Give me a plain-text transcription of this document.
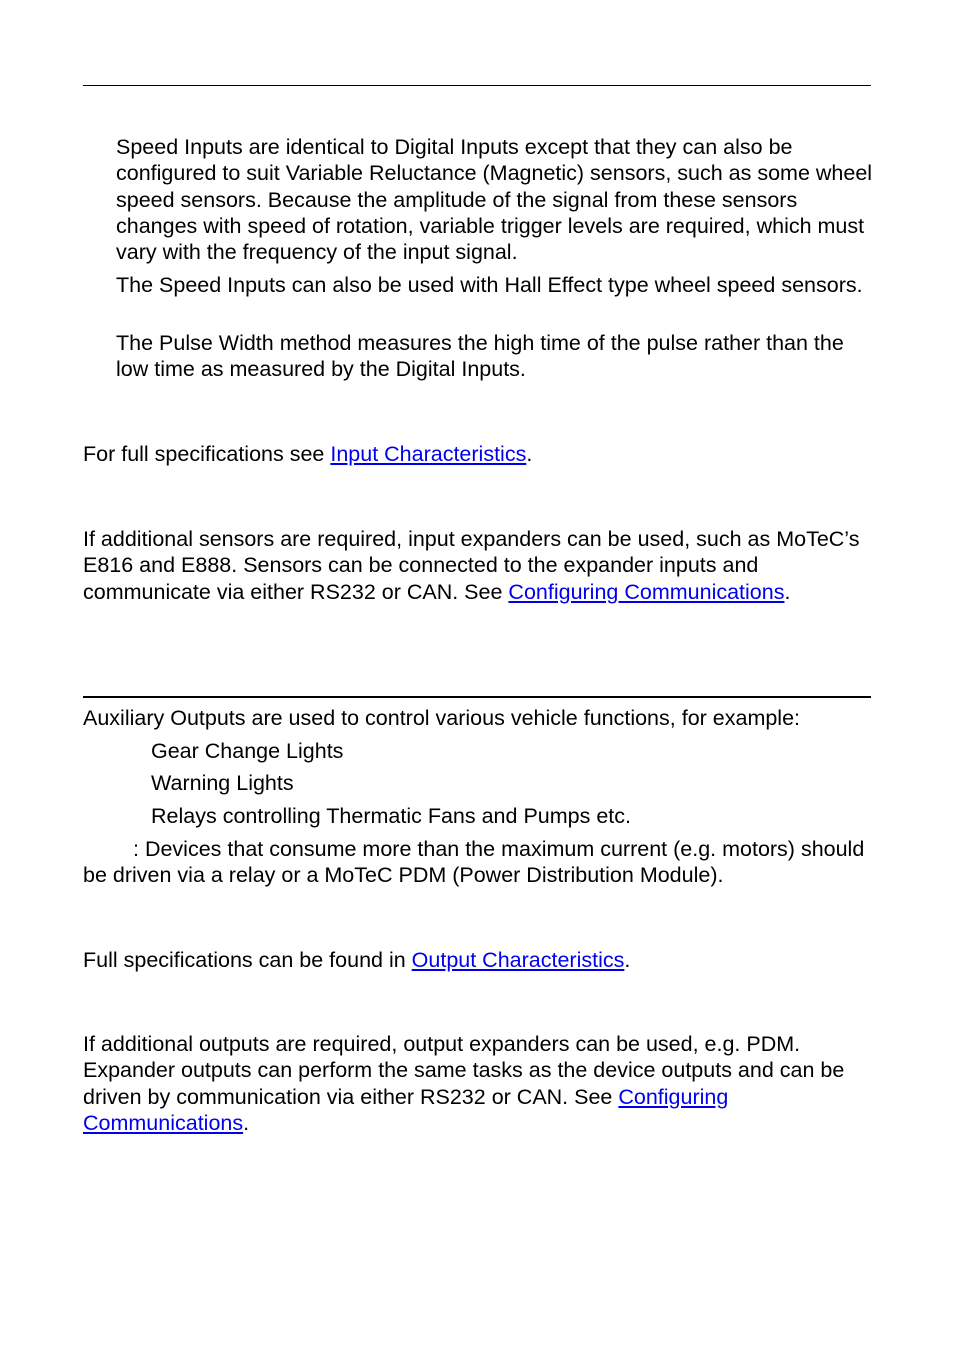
Speed Inputs are identical to Digital Inputs except that they can also be configured to suit Variable Reluctance (Magnetic) sensors, such as some wheel speed sensors. Because the amplitude of the signal from these sensors changes with speed of rotation, variable trigger levels are required, which must vary with the frequency of the input signal.

The Speed Inputs can also be used with Hall Effect type wheel speed sensors.

The Pulse Width method measures the high time of the pulse rather than the low time as measured by the Digital Inputs.

For full specifications see Input Characteristics.

If additional sensors are required, input expanders can be used, such as MoTeC’s E816 and E888. Sensors can be connected to the expander inputs and communicate via either RS232 or CAN. See Configuring Communications.

Auxiliary Outputs are used to control various vehicle functions, for example:

Gear Change Lights

Warning Lights

Relays controlling Thermatic Fans and Pumps etc.

: Devices that consume more than the maximum current (e.g. motors) should be driven via a relay or a MoTeC PDM (Power Distribution Module).

Full specifications can be found in Output Characteristics.

If additional outputs are required, output expanders can be used, e.g. PDM. Expander outputs can perform the same tasks as the device outputs and can be driven by communication via either RS232 or CAN. See Configuring Communications.
